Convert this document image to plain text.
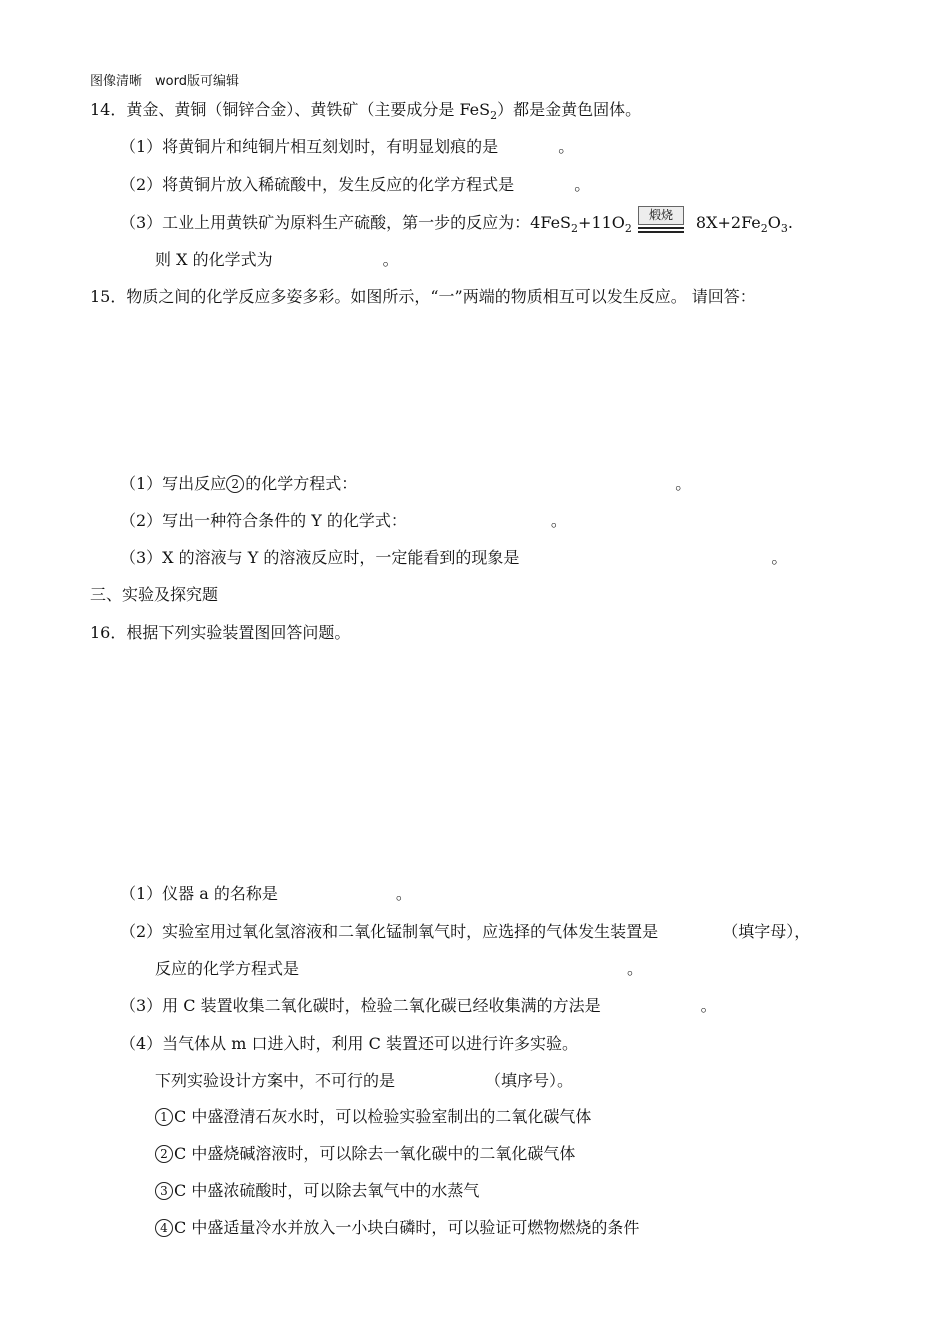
图像清晰　word版可编辑
14．黄金、黄铜（铜锌合金）、黄铁矿（主要成分是 FeS$_2$）都是金黄色固体。
（1）将黄铜片和纯铜片相互刻划时，有明显划痕的是	。
（2）将黄铜片放入稀硫酸中，发生反应的化学方程式是	。
（3）工业上用黄铁矿为原料生产硫酸，第一步的反应为：$4FeS_2+11O_2$	$8X+2Fe_2O_3$.
煅烧
则 X 的化学式为	。
15．物质之间的化学反应多姿多彩。如图所示，“一”两端的物质相互可以发生反应。 请回答：
（1）写出反应 2 的化学方程式：	。
（2）写出一种符合条件的 Y 的化学式：	。
（3）X 的溶液与 Y 的溶液反应时，一定能看到的现象是	。
三、实验及探究题
16．根据下列实验装置图回答问题。
（1）仪器 a 的名称是	。
（2）实验室用过氧化氢溶液和二氧化锰制氧气时，应选择的气体发生装置是	（填字母），
反应的化学方程式是	。
（3）用 C 装置收集二氧化碳时，检验二氧化碳已经收集满的方法是	。
（4）当气体从 m 口进入时，利用 C 装置还可以进行许多实验。
下列实验设计方案中，不可行的是	（填序号）。
1 C 中盛澄清石灰水时，可以检验实验室制出的二氧化碳气体
2 C 中盛烧碱溶液时，可以除去一氧化碳中的二氧化碳气体
3 C 中盛浓硫酸时，可以除去氧气中的水蒸气
4 C 中盛适量冷水并放入一小块白磷时，可以验证可燃物燃烧的条件
